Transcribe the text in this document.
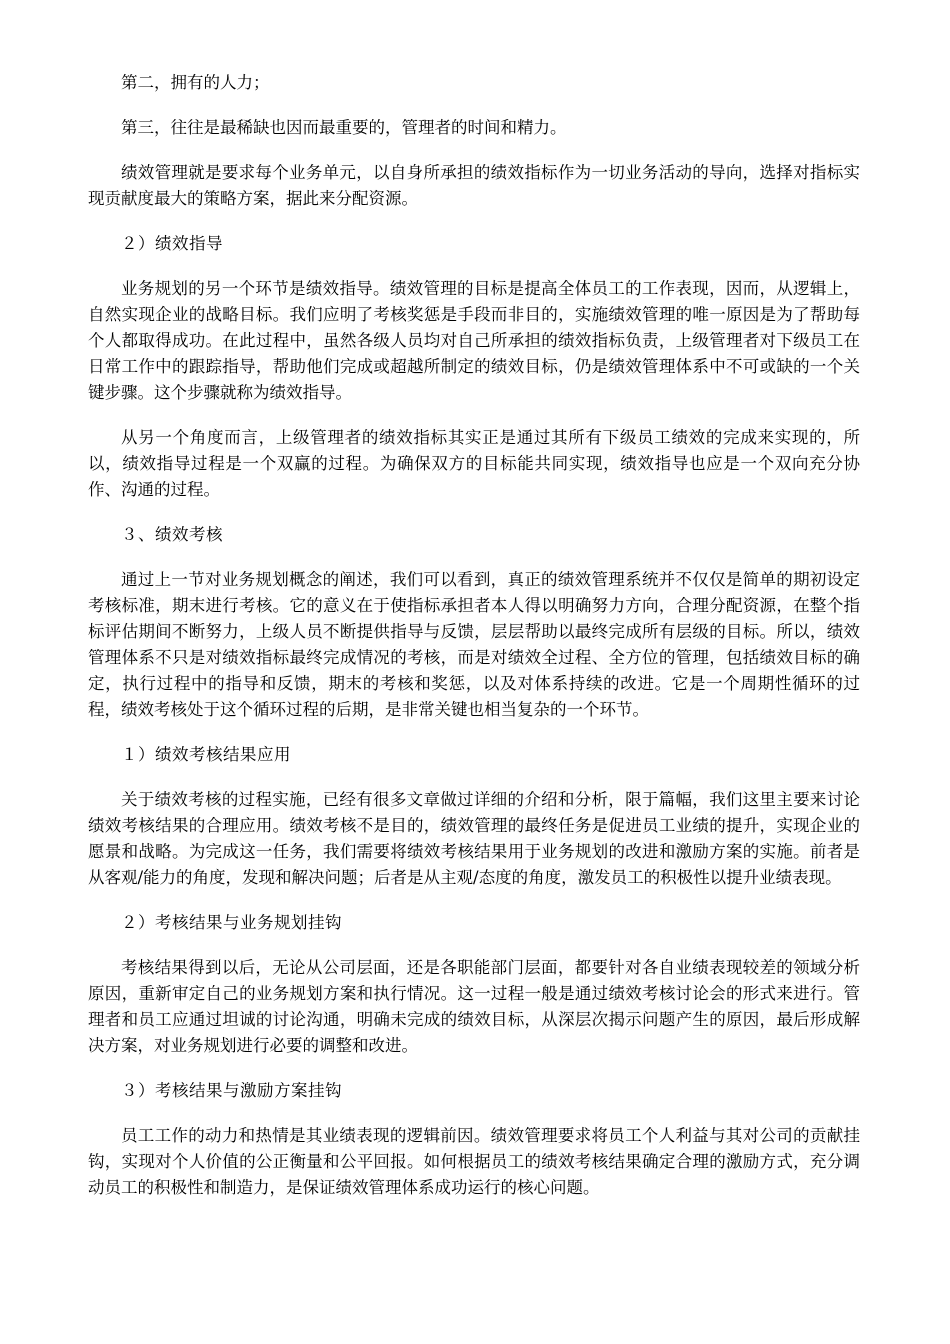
第二，拥有的人力；

第三，往往是最稀缺也因而最重要的，管理者的时间和精力。

绩效管理就是要求每个业务单元，以自身所承担的绩效指标作为一切业务活动的导向，选择对指标实现贡献度最大的策略方案，据此来分配资源。

２）绩效指导

业务规划的另一个环节是绩效指导。绩效管理的目标是提高全体员工的工作表现，因而，从逻辑上，自然实现企业的战略目标。我们应明了考核奖惩是手段而非目的，实施绩效管理的唯一原因是为了帮助每个人都取得成功。在此过程中，虽然各级人员均对自己所承担的绩效指标负责，上级管理者对下级员工在日常工作中的跟踪指导，帮助他们完成或超越所制定的绩效目标，仍是绩效管理体系中不可或缺的一个关键步骤。这个步骤就称为绩效指导。

从另一个角度而言，上级管理者的绩效指标其实正是通过其所有下级员工绩效的完成来实现的，所以，绩效指导过程是一个双赢的过程。为确保双方的目标能共同实现，绩效指导也应是一个双向充分协作、沟通的过程。

３、绩效考核

通过上一节对业务规划概念的阐述，我们可以看到，真正的绩效管理系统并不仅仅是简单的期初设定考核标准，期末进行考核。它的意义在于使指标承担者本人得以明确努力方向，合理分配资源，在整个指标评估期间不断努力，上级人员不断提供指导与反馈，层层帮助以最终完成所有层级的目标。所以，绩效管理体系不只是对绩效指标最终完成情况的考核，而是对绩效全过程、全方位的管理，包括绩效目标的确定，执行过程中的指导和反馈，期末的考核和奖惩，以及对体系持续的改进。它是一个周期性循环的过程，绩效考核处于这个循环过程的后期，是非常关键也相当复杂的一个环节。

１）绩效考核结果应用

关于绩效考核的过程实施，已经有很多文章做过详细的介绍和分析，限于篇幅，我们这里主要来讨论绩效考核结果的合理应用。绩效考核不是目的，绩效管理的最终任务是促进员工业绩的提升，实现企业的愿景和战略。为完成这一任务，我们需要将绩效考核结果用于业务规划的改进和激励方案的实施。前者是从客观/能力的角度，发现和解决问题；后者是从主观/态度的角度，激发员工的积极性以提升业绩表现。

２）考核结果与业务规划挂钩

考核结果得到以后，无论从公司层面，还是各职能部门层面，都要针对各自业绩表现较差的领域分析原因，重新审定自己的业务规划方案和执行情况。这一过程一般是通过绩效考核讨论会的形式来进行。管理者和员工应通过坦诚的讨论沟通，明确未完成的绩效目标，从深层次揭示问题产生的原因，最后形成解决方案，对业务规划进行必要的调整和改进。

３）考核结果与激励方案挂钩

员工工作的动力和热情是其业绩表现的逻辑前因。绩效管理要求将员工个人利益与其对公司的贡献挂钩，实现对个人价值的公正衡量和公平回报。如何根据员工的绩效考核结果确定合理的激励方式，充分调动员工的积极性和制造力，是保证绩效管理体系成功运行的核心问题。
